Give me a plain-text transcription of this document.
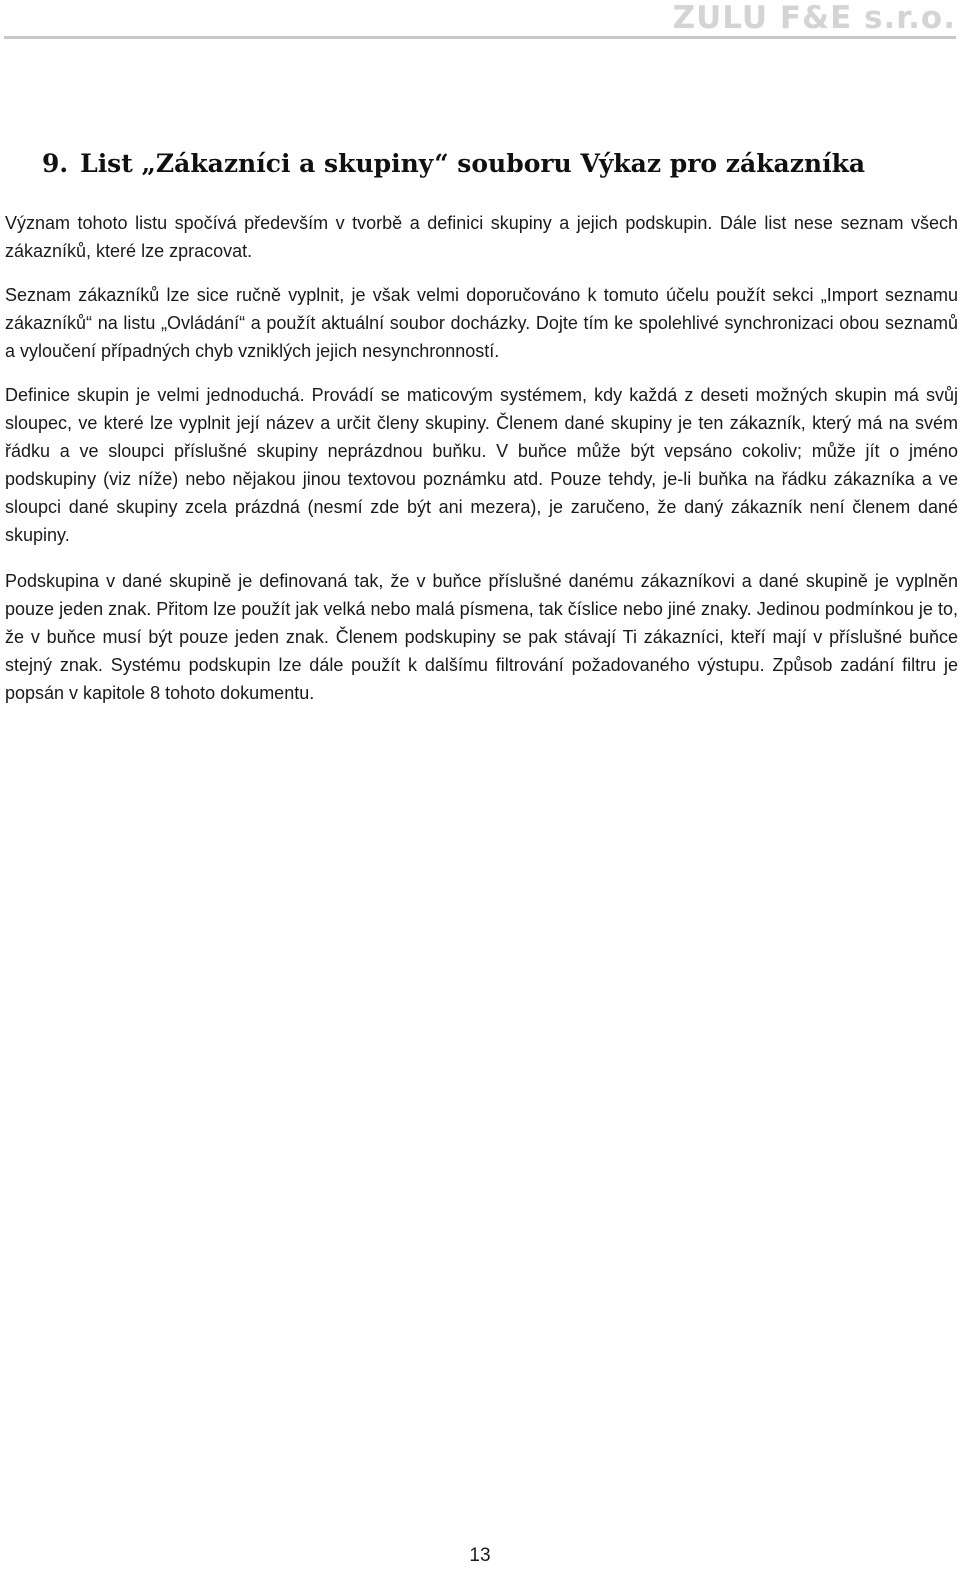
ZULU F&E s.r.o.
9. List „Zákazníci a skupiny“ souboru Výkaz pro zákazníka

Význam tohoto listu spočívá především v tvorbě a definici skupiny a jejich podskupin. Dále list nese seznam všech zákazníků, které lze zpracovat.

Seznam zákazníků lze sice ručně vyplnit, je však velmi doporučováno k tomuto účelu použít sekci „Import seznamu zákazníků“ na listu „Ovládání“ a použít aktuální soubor docházky. Dojte tím ke spolehlivé synchronizaci obou seznamů a vyloučení případných chyb vzniklých jejich nesynchronností.

Definice skupin je velmi jednoduchá. Provádí se maticovým systémem, kdy každá z deseti možných skupin má svůj sloupec, ve které lze vyplnit její název a určit členy skupiny. Členem dané skupiny je ten zákazník, který má na svém řádku a ve sloupci příslušné skupiny neprázdnou buňku. V buňce může být vepsáno cokoliv; může jít o jméno podskupiny (viz níže) nebo nějakou jinou textovou poznámku atd. Pouze tehdy, je-li buňka na řádku zákazníka a ve sloupci dané skupiny zcela prázdná (nesmí zde být ani mezera), je zaručeno, že daný zákazník není členem dané skupiny.

Podskupina v dané skupině je definovaná tak, že v buňce příslušné danému zákazníkovi a dané skupině je vyplněn pouze jeden znak. Přitom lze použít jak velká nebo malá písmena, tak číslice nebo jiné znaky. Jedinou podmínkou je to, že v buňce musí být pouze jeden znak. Členem podskupiny se pak stávají Ti zákazníci, kteří mají v příslušné buňce stejný znak. Systému podskupin lze dále použít k dalšímu filtrování požadovaného výstupu. Způsob zadání filtru je popsán v kapitole 8 tohoto dokumentu.

13
